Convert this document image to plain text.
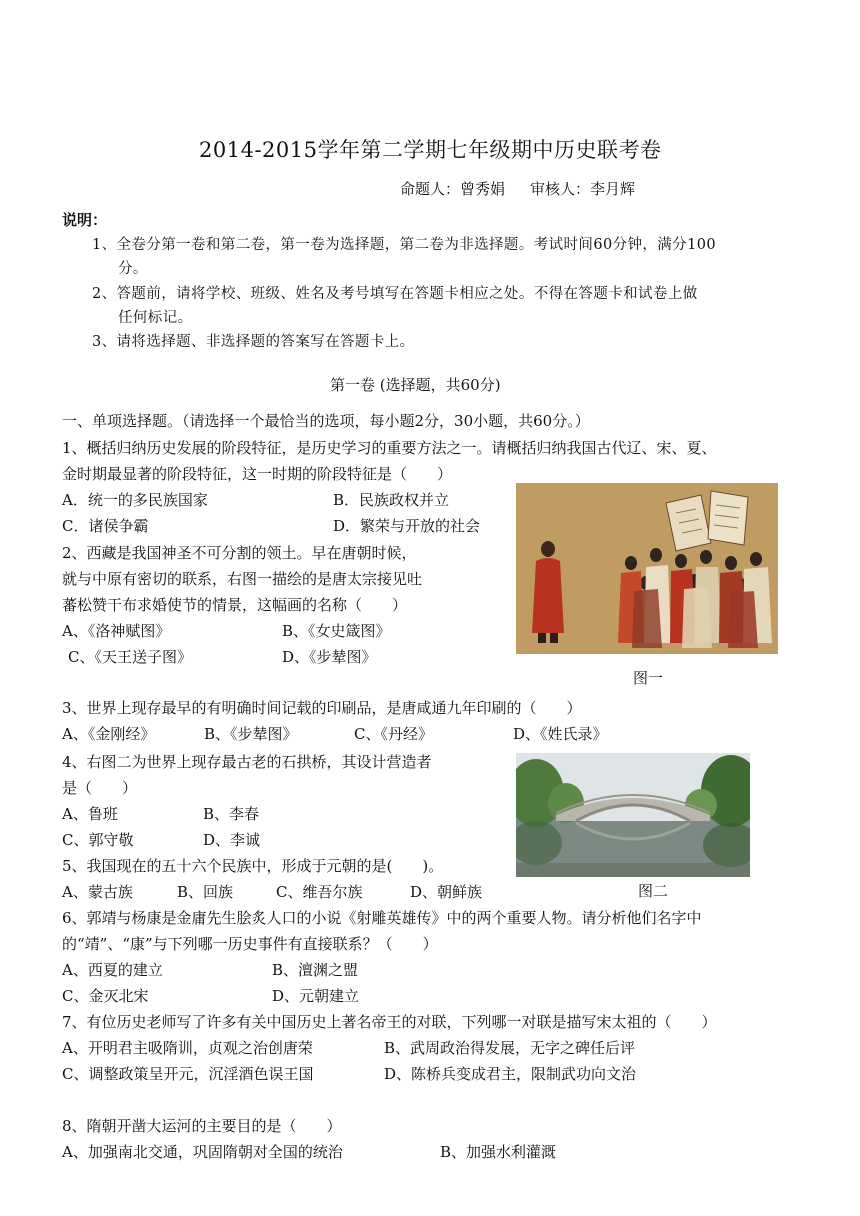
2014-2015学年第二学期七年级期中历史联考卷
命题人：曾秀娟 审核人：李月辉
说明：
1、全卷分第一卷和第二卷，第一卷为选择题，第二卷为非选择题。考试时间60分钟，满分100
分。
2、答题前，请将学校、班级、姓名及考号填写在答题卡相应之处。不得在答题卡和试卷上做
任何标记。
3、请将选择题、非选择题的答案写在答题卡上。
第一卷 (选择题，共60分)
一、单项选择题。（请选择一个最恰当的选项，每小题2分，30小题，共60分。）
1、概括归纳历史发展的阶段特征，是历史学习的重要方法之一。请概括归纳我国古代辽、宋、夏、
金时期最显著的阶段特征，这一时期的阶段特征是（　　）
A．统一的多民族国家	B．民族政权并立
C．诸侯争霸	D．繁荣与开放的社会
图一
2、西藏是我国神圣不可分割的领土。早在唐朝时候，
就与中原有密切的联系，右图一描绘的是唐太宗接见吐
蕃松赞干布求婚使节的情景，这幅画的名称（　　）
A、《洛神赋图》	B、《女史箴图》
C、《天王送子图》	D、《步辇图》
3、世界上现存最早的有明确时间记载的印刷品，是唐咸通九年印刷的（　　）
A、《金刚经》	B、《步辇图》	C、《丹经》	D、《姓氏录》
图二
4、右图二为世界上现存最古老的石拱桥，其设计营造者
是（　　）
A、鲁班	B、李春
C、郭守敬	D、李诚
5、我国现在的五十六个民族中，形成于元朝的是(　　)。
A、蒙古族	B、回族	C、维吾尔族	D、朝鲜族
6、郭靖与杨康是金庸先生脍炙人口的小说《射雕英雄传》中的两个重要人物。请分析他们名字中
的“靖”、“康”与下列哪一历史事件有直接联系？（　　）
A、西夏的建立	B、澶渊之盟
C、金灭北宋	D、元朝建立
7、有位历史老师写了许多有关中国历史上著名帝王的对联，下列哪一对联是描写宋太祖的（　　）
A、开明君主吸隋训，贞观之治创唐荣	B、武周政治得发展，无字之碑任后评
C、调整政策呈开元，沉淫酒色误王国	D、陈桥兵变成君主，限制武功向文治
8、隋朝开凿大运河的主要目的是（　　）
A、加强南北交通，巩固隋朝对全国的统治	B、加强水利灌溉
